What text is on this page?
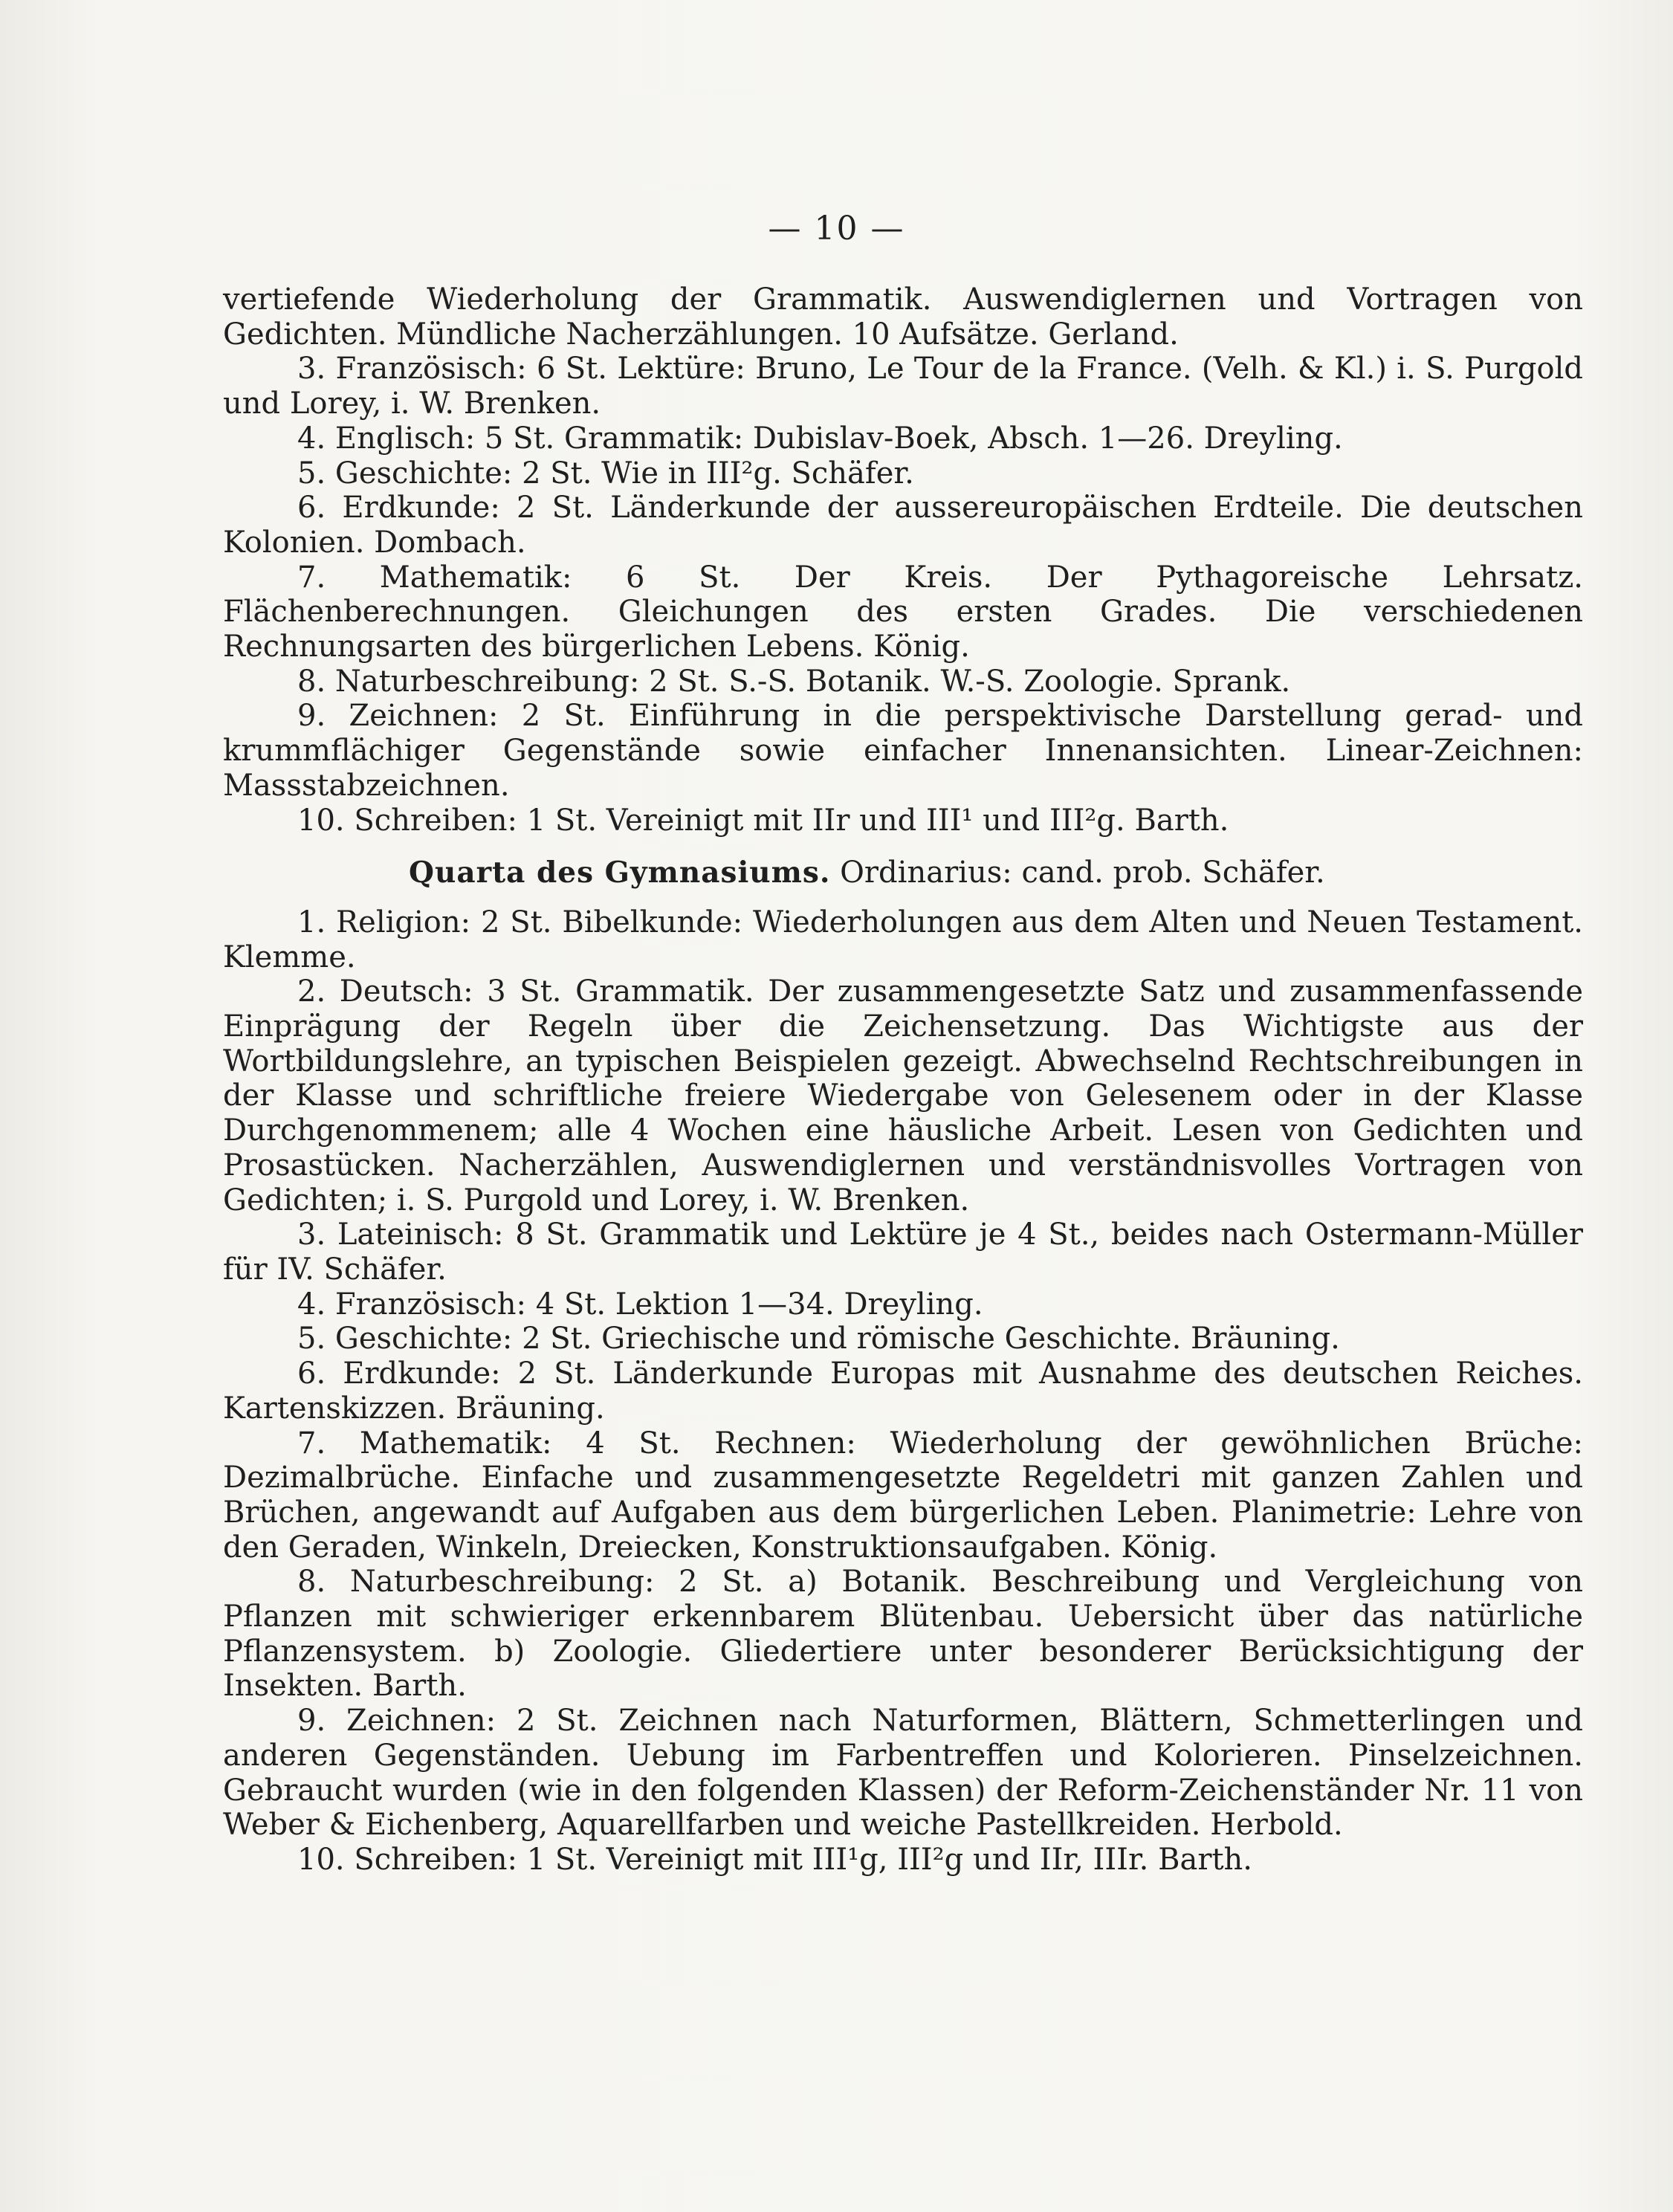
— 10 —

vertiefende Wiederholung der Grammatik. Auswendiglernen und Vortragen von Gedichten. Mündliche Nacherzählungen. 10 Aufsätze. Gerland.

3. Französisch: 6 St. Lektüre: Bruno, Le Tour de la France. (Velh. & Kl.) i. S. Purgold und Lorey, i. W. Brenken.

4. Englisch: 5 St. Grammatik: Dubislav-Boek, Absch. 1—26. Dreyling.

5. Geschichte: 2 St. Wie in III²g. Schäfer.

6. Erdkunde: 2 St. Länderkunde der aussereuropäischen Erdteile. Die deutschen Kolonien. Dombach.

7. Mathematik: 6 St. Der Kreis. Der Pythagoreische Lehrsatz. Flächenberechnungen. Gleichungen des ersten Grades. Die verschiedenen Rechnungsarten des bürgerlichen Lebens. König.

8. Naturbeschreibung: 2 St. S.-S. Botanik. W.-S. Zoologie. Sprank.

9. Zeichnen: 2 St. Einführung in die perspektivische Darstellung gerad- und krummflächiger Gegenstände sowie einfacher Innenansichten. Linear-Zeichnen: Massstabzeichnen.

10. Schreiben: 1 St. Vereinigt mit IIr und III¹ und III²g. Barth.

Quarta des Gymnasiums. Ordinarius: cand. prob. Schäfer.

1. Religion: 2 St. Bibelkunde: Wiederholungen aus dem Alten und Neuen Testament. Klemme.

2. Deutsch: 3 St. Grammatik. Der zusammengesetzte Satz und zusammenfassende Einprägung der Regeln über die Zeichensetzung. Das Wichtigste aus der Wortbildungslehre, an typischen Beispielen gezeigt. Abwechselnd Rechtschreibungen in der Klasse und schriftliche freiere Wiedergabe von Gelesenem oder in der Klasse Durchgenommenem; alle 4 Wochen eine häusliche Arbeit. Lesen von Gedichten und Prosastücken. Nacherzählen, Auswendiglernen und verständnisvolles Vortragen von Gedichten; i. S. Purgold und Lorey, i. W. Brenken.

3. Lateinisch: 8 St. Grammatik und Lektüre je 4 St., beides nach Ostermann-Müller für IV. Schäfer.

4. Französisch: 4 St. Lektion 1—34. Dreyling.

5. Geschichte: 2 St. Griechische und römische Geschichte. Bräuning.

6. Erdkunde: 2 St. Länderkunde Europas mit Ausnahme des deutschen Reiches. Kartenskizzen. Bräuning.

7. Mathematik: 4 St. Rechnen: Wiederholung der gewöhnlichen Brüche: Dezimalbrüche. Einfache und zusammengesetzte Regeldetri mit ganzen Zahlen und Brüchen, angewandt auf Aufgaben aus dem bürgerlichen Leben. Planimetrie: Lehre von den Geraden, Winkeln, Dreiecken, Konstruktionsaufgaben. König.

8. Naturbeschreibung: 2 St. a) Botanik. Beschreibung und Vergleichung von Pflanzen mit schwieriger erkennbarem Blütenbau. Uebersicht über das natürliche Pflanzensystem. b) Zoologie. Gliedertiere unter besonderer Berücksichtigung der Insekten. Barth.

9. Zeichnen: 2 St. Zeichnen nach Naturformen, Blättern, Schmetterlingen und anderen Gegenständen. Uebung im Farbentreffen und Kolorieren. Pinselzeichnen. Gebraucht wurden (wie in den folgenden Klassen) der Reform-Zeichenständer Nr. 11 von Weber & Eichenberg, Aquarellfarben und weiche Pastellkreiden. Herbold.

10. Schreiben: 1 St. Vereinigt mit III¹g, III²g und IIr, IIIr. Barth.
